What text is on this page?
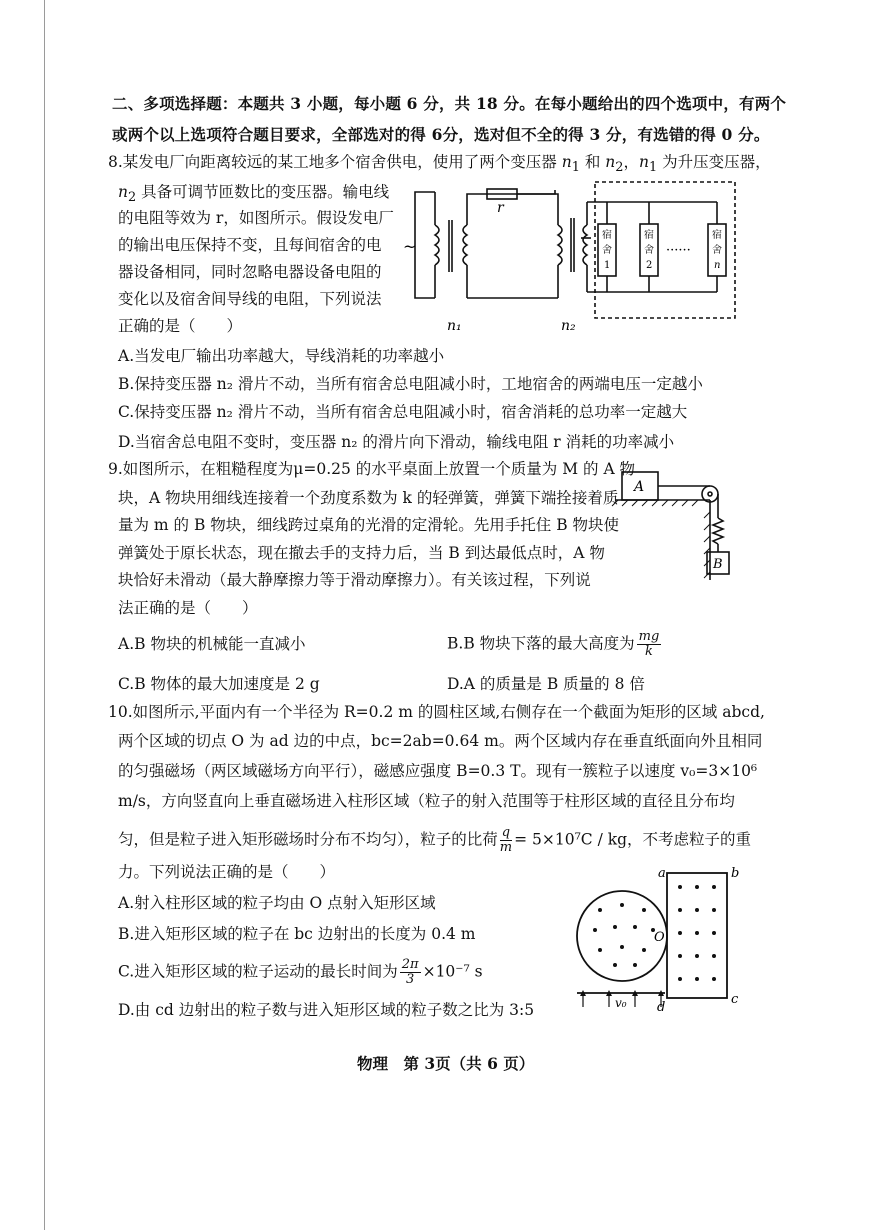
二、多项选择题：本题共 3 小题，每小题 6 分，共 18 分。在每小题给出的四个选项中，有两个
或两个以上选项符合题目要求，全部选对的得 6分，选对但不全的得 3 分，有选错的得 0 分。
8.某发电厂向距离较远的某工地多个宿舍供电，使用了两个变压器 $n_1$ 和 $n_2$，$n_1$ 为升压变压器，
$n_2$ 具备可调节匝数比的变压器。输电线
的电阻等效为 r，如图所示。假设发电厂
的输出电压保持不变，且每间宿舍的电
器设备相同，同时忽略电器设备电阻的
变化以及宿舍间导线的电阻，下列说法
正确的是（　　）
r
~
n₁	n₂
宿
舍
1
宿
舍
2
宿
舍
n
······
A.当发电厂输出功率越大，导线消耗的功率越小
B.保持变压器 n₂ 滑片不动，当所有宿舍总电阻减小时，工地宿舍的两端电压一定越小
C.保持变压器 n₂ 滑片不动，当所有宿舍总电阻减小时，宿舍消耗的总功率一定越大
D.当宿舍总电阻不变时，变压器 n₂ 的滑片向下滑动，输线电阻 r 消耗的功率减小
9.如图所示，在粗糙程度为μ=0.25 的水平桌面上放置一个质量为 M 的 A 物
块，A 物块用细线连接着一个劲度系数为 k 的轻弹簧，弹簧下端拴接着质
量为 m 的 B 物块，细线跨过桌角的光滑的定滑轮。先用手托住 B 物块使
弹簧处于原长状态，现在撤去手的支持力后，当 B 到达最低点时，A 物
块恰好未滑动（最大静摩擦力等于滑动摩擦力）。有关该过程，下列说
法正确的是（　　）
A
B
A.B 物块的机械能一直减小	B.B 物块下落的最大高度为 $\frac{mg}{k}$
C.B 物体的最大加速度是 2 g	D.A 的质量是 B 质量的 8 倍
10.如图所示,平面内有一个半径为 R=0.2 m 的圆柱区域,右侧存在一个截面为矩形的区域 abcd,
两个区域的切点 O 为 ad 边的中点，bc=2ab=0.64 m。两个区域内存在垂直纸面向外且相同
的匀强磁场（两区域磁场方向平行），磁感应强度 B=0.3 T。现有一簇粒子以速度 v₀=3×10⁶
m/s，方向竖直向上垂直磁场进入柱形区域（粒子的射入范围等于柱形区域的直径且分布均
匀，但是粒子进入矩形磁场时分布不均匀），粒子的比荷 $\frac{q}{m} = 5\times 10^7C$ / kg，不考虑粒子的重
力。下列说法正确的是（　　）
A.射入柱形区域的粒子均由 O 点射入矩形区域
B.进入矩形区域的粒子在 bc 边射出的长度为 0.4 m
C.进入矩形区域的粒子运动的最长时间为 $\frac{2\pi}{3} \times 10^{-7}$ s
D.由 cd 边射出的粒子数与进入矩形区域的粒子数之比为 3:5
a	b
c
d
O
v₀
物理　第 3页（共 6 页）
